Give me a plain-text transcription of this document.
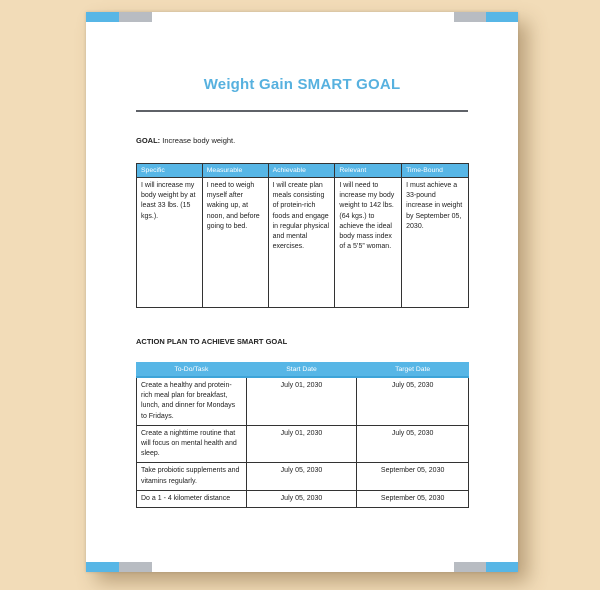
Weight Gain SMART GOAL
GOAL: Increase body weight.
Specific	Measurable	Achievable	Relevant	Time-Bound
I will increase my body weight by at least 33 lbs. (15 kgs.).	I need to weigh myself after waking up, at noon, and before going to bed.	I will create plan meals consisting of protein-rich foods and engage in regular physical and mental exercises.	I will need to increase my body weight to 142 lbs. (64 kgs.) to achieve the ideal body mass index of a 5’5” woman.	I must achieve a 33-pound increase in weight by September 05, 2030.
ACTION PLAN TO ACHIEVE SMART GOAL
To-Do/Task	Start Date	Target Date
Create a healthy and protein-rich meal plan for breakfast, lunch, and dinner for Mondays to Fridays.	July 01, 2030	July 05, 2030
Create a nighttime routine that will focus on mental health and sleep.	July 01, 2030	July 05, 2030
Take probiotic supplements and vitamins regularly.	July 05, 2030	September 05, 2030
Do a 1 - 4 kilometer distance	July 05, 2030	September 05, 2030
